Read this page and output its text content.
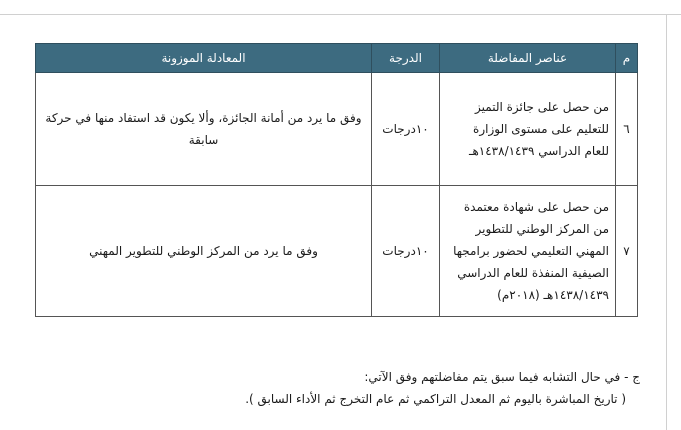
م	عناصر المفاضلة	الدرجة	المعادلة الموزونة
٦	من حصل على جائزة التميز للتعليم على مستوى الوزارة للعام الدراسي ١٤٣٨/١٤٣٩هـ	١٠درجات	وفق ما يرد من أمانة الجائزة، وألا يكون قد استفاد منها في حركة سابقة
٧	من حصل على شهادة معتمدة من المركز الوطني للتطوير المهني التعليمي لحضور برامجها الصيفية المنفذة للعام الدراسي ١٤٣٨/١٤٣٩هـ (٢٠١٨م)	١٠درجات	وفق ما يرد من المركز الوطني للتطوير المهني
ج - في حال التشابه فيما سبق يتم مفاضلتهم وفق الآتي:
( تاريخ المباشرة باليوم ثم المعدل التراكمي ثم عام التخرج ثم الأداء السابق ).
